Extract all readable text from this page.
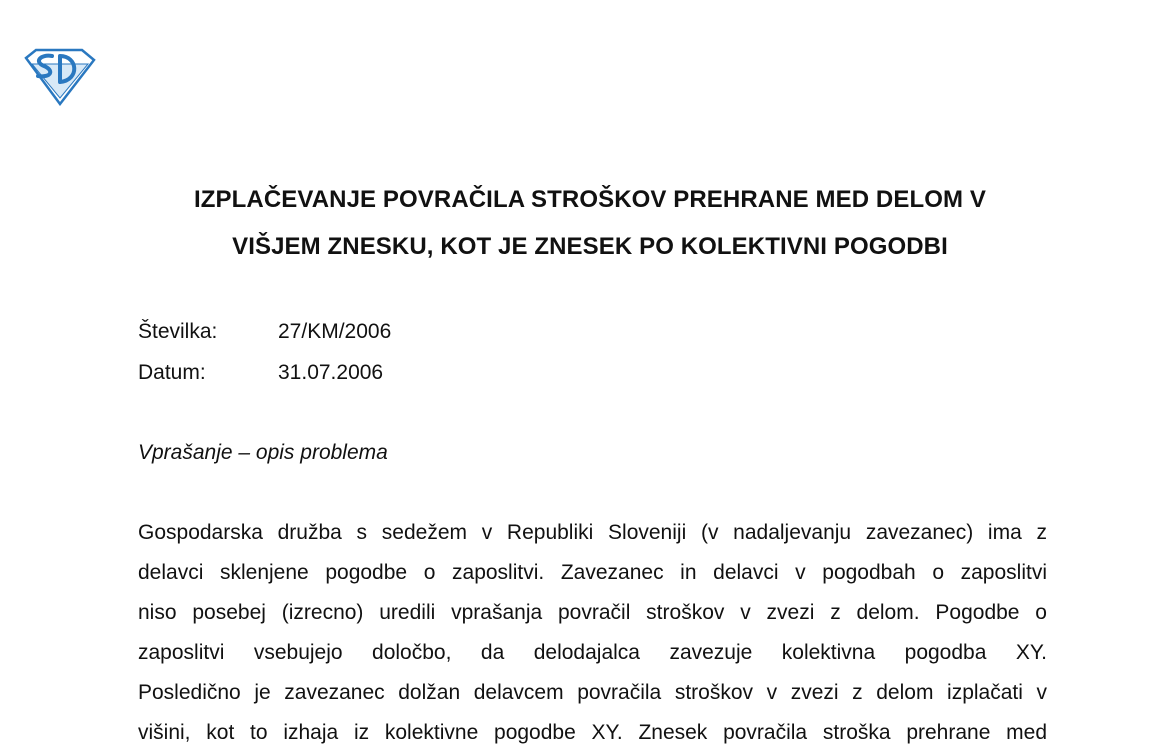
IZPLAČEVANJE POVRAČILA STROŠKOV PREHRANE MED DELOM V
VIŠJEM ZNESKU, KOT JE ZNESEK PO KOLEKTIVNI POGODBI
Številka:	27/KM/2006
Datum:	31.07.2006
Vprašanje – opis problema
Gospodarska družba s sedežem v Republiki Sloveniji (v nadaljevanju zavezanec) ima z
delavci sklenjene pogodbe o zaposlitvi. Zavezanec in delavci v pogodbah o zaposlitvi
niso posebej (izrecno) uredili vprašanja povračil stroškov v zvezi z delom. Pogodbe o
zaposlitvi vsebujejo določbo, da delodajalca zavezuje kolektivna pogodba XY.
Posledično je zavezanec dolžan delavcem povračila stroškov v zvezi z delom izplačati v
višini, kot to izhaja iz kolektivne pogodbe XY. Znesek povračila stroška prehrane med
